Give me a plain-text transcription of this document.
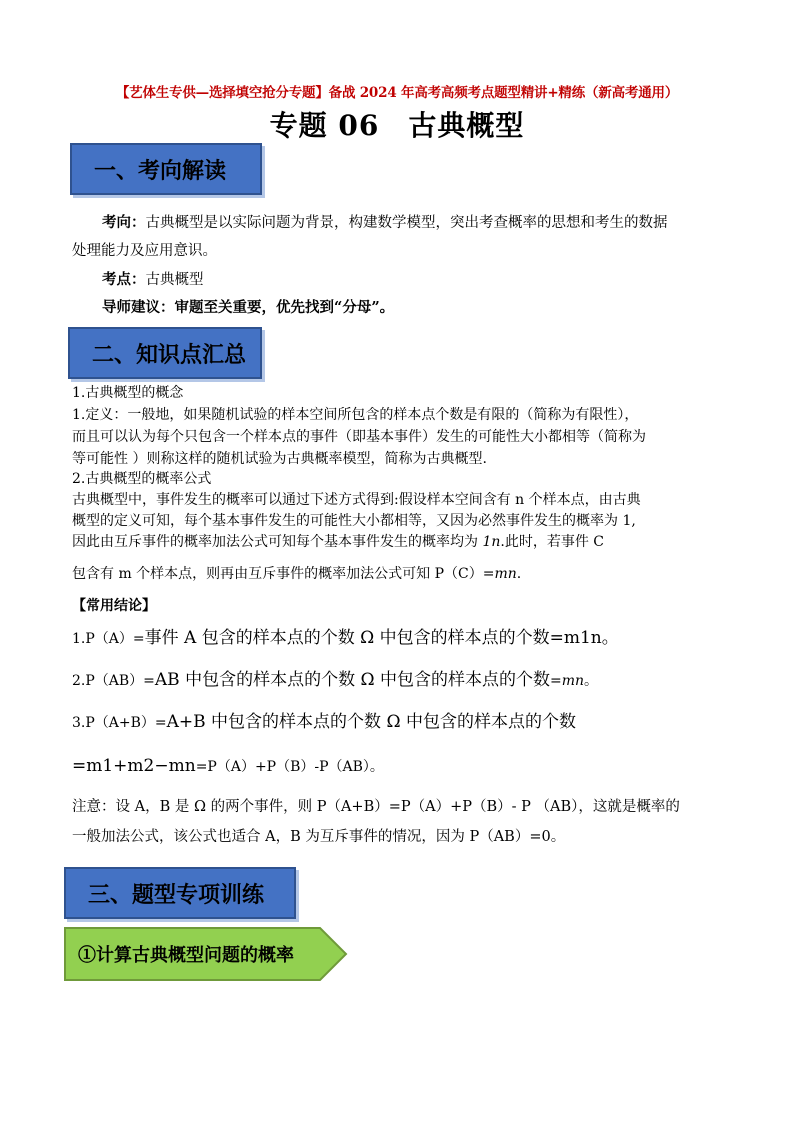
【艺体生专供—选择填空抢分专题】备战 2024 年高考高频考点题型精讲+精练（新高考通用）
专题 06　古典概型
一、考向解读
考向：古典概型是以实际问题为背景，构建数学模型，突出考查概率的思想和考生的数据
处理能力及应用意识。
考点：古典概型
导师建议：审题至关重要，优先找到“分母”。
二、知识点汇总
1.古典概型的概念
1.定义：一般地，如果随机试验的样本空间所包含的样本点个数是有限的（简称为有限性），
而且可以认为每个只包含一个样本点的事件（即基本事件）发生的可能性大小都相等（简称为
等可能性 ）则称这样的随机试验为古典概率模型，简称为古典概型.
2.古典概型的概率公式
古典概型中，事件发生的概率可以通过下述方式得到:假设样本空间含有 n 个样本点，由古典
概型的定义可知，每个基本事件发生的可能性大小都相等，又因为必然事件发生的概率为 1,
因此由互斥事件的概率加法公式可知每个基本事件发生的概率均为 1n.此时，若事件 C
包含有 m 个样本点，则再由互斥事件的概率加法公式可知 P（C）=mn.
【常用结论】
1.P（A）=事件 A 包含的样本点的个数 Ω 中包含的样本点的个数=m1n。
2.P（AB）=AB 中包含的样本点的个数 Ω 中包含的样本点的个数=mn。
3.P（A+B）=A+B 中包含的样本点的个数 Ω 中包含的样本点的个数
=m1+m2−mn=P（A）+P（B）-P（AB）。
注意：设 A，B 是 Ω 的两个事件，则 P（A+B）=P（A）+P（B）- P （AB），这就是概率的
一般加法公式，该公式也适合 A，B 为互斥事件的情况，因为 P（AB）=0。
三、题型专项训练
①计算古典概型问题的概率
